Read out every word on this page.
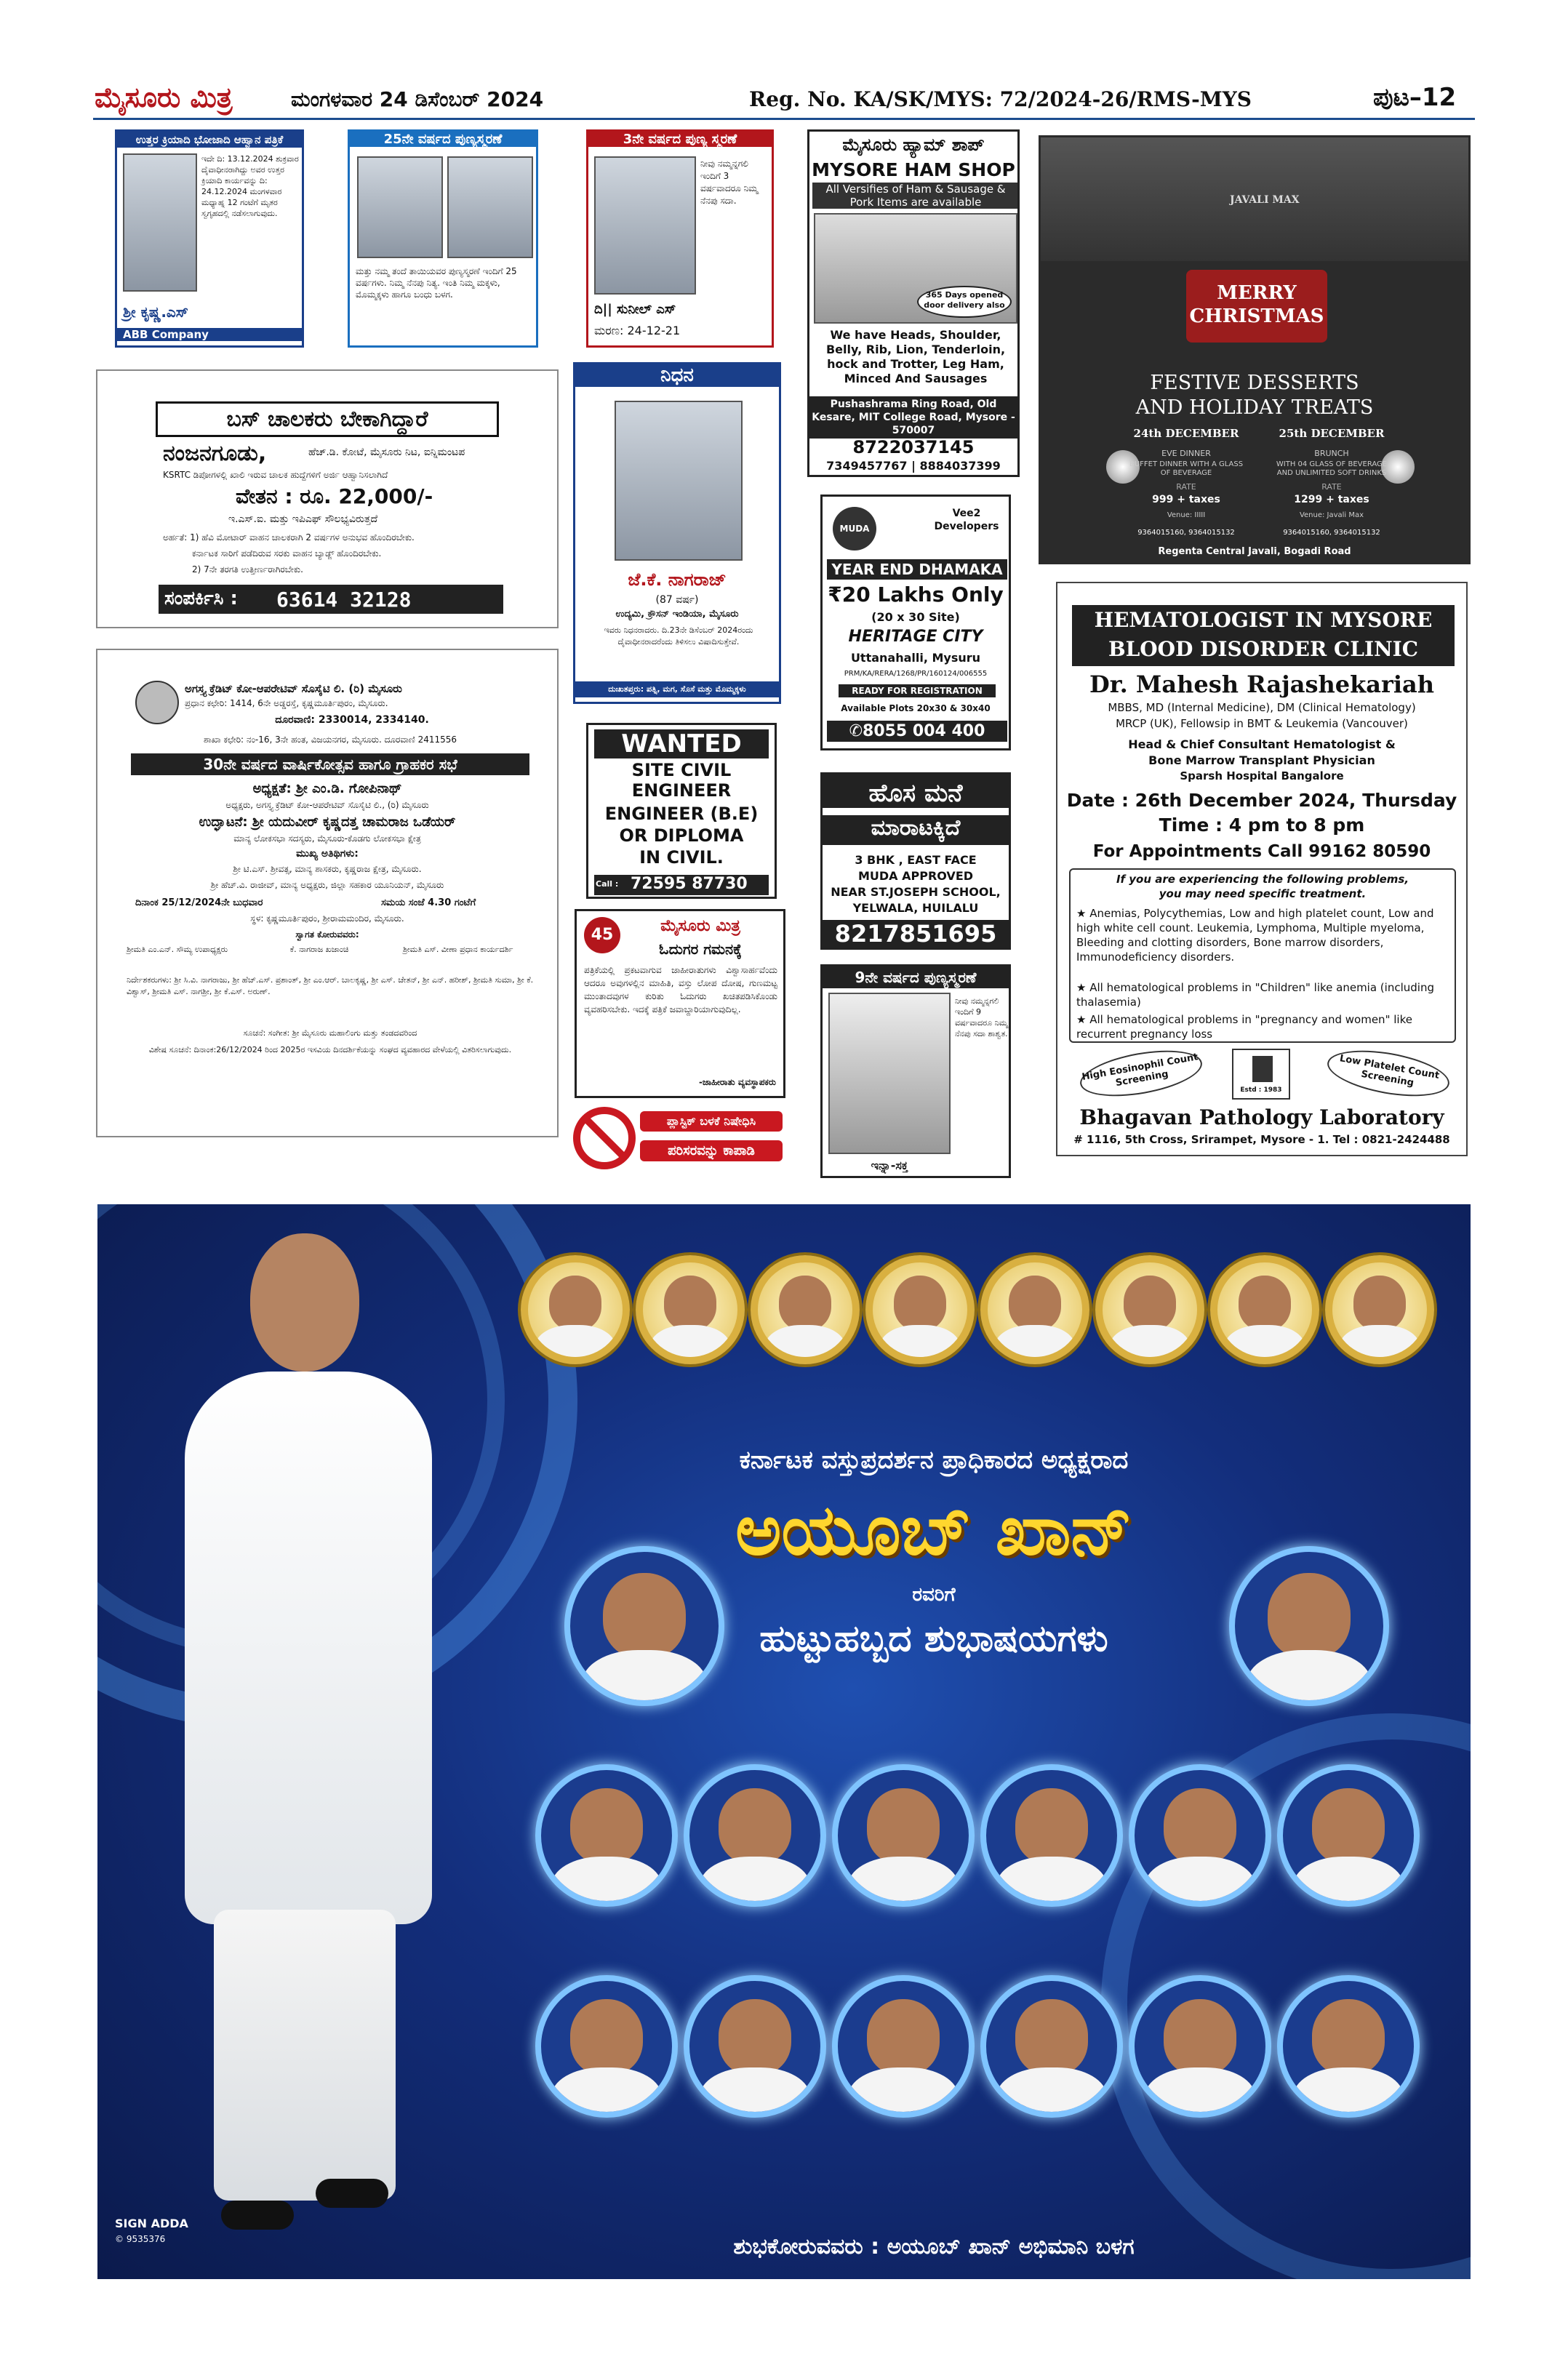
ಮೈಸೂರು ಮಿತ್ರ	ಮಂಗಳವಾರ 24 ಡಿಸೆಂಬರ್ 2024	Reg. No. KA/SK/MYS: 72/2024-26/RMS-MYS	ಪುಟ–12
ಉತ್ತರ ಕ್ರಿಯಾದಿ ಭೋಜಾದಿ ಆಹ್ವಾನ ಪತ್ರಿಕೆ
ಇದೇ ದಿ: 13.12.2024 ಶುಕ್ರವಾರ ದೈವಾಧೀನರಾಗಿದ್ದು ಅವರ ಉತ್ತರ ಕ್ರಿಯಾದಿ ಕಾರ್ಯವನ್ನು ದಿ: 24.12.2024 ಮಂಗಳವಾರ ಮಧ್ಯಾಹ್ನ 12 ಗಂಟೆಗೆ ಮೃತರ ಸ್ವಗೃಹದಲ್ಲಿ ನಡೆಸಲಾಗುವುದು.
ಶ್ರೀ ಕೃಷ್ಣ.ಎಸ್
ABB Company
25ನೇ ವರ್ಷದ ಪುಣ್ಯಸ್ಮರಣೆ
ಮತ್ತು ನಮ್ಮ ತಂದೆ ತಾಯಿಯವರ ಪುಣ್ಯಸ್ಮರಣೆ ಇಂದಿಗೆ 25 ವರ್ಷಗಳು. ನಿಮ್ಮ ನೆನಪು ನಿತ್ಯ. ಇಂತಿ ನಿಮ್ಮ ಮಕ್ಕಳು, ಮೊಮ್ಮಕ್ಕಳು ಹಾಗೂ ಬಂಧು ಬಳಗ.
3ನೇ ವರ್ಷದ ಪುಣ್ಯ ಸ್ಮರಣೆ
ನೀವು ನಮ್ಮನ್ನಗಲಿ ಇಂದಿಗೆ 3 ವರ್ಷವಾದರೂ ನಿಮ್ಮ ನೆನಪು ಸದಾ.
ದಿ|| ಸುನೀಲ್ ಎಸ್
ಮರಣ: 24-12-21
ಮೈಸೂರು ಹ್ಯಾಮ್ ಶಾಪ್
MYSORE HAM SHOP
All Versifies of Ham & Sausage & Pork Items are available
365 Days opened door delivery also
We have Heads, Shoulder, Belly, Rib, Lion, Tenderloin, hock and Trotter, Leg Ham, Minced And Sausages
Pushashrama Ring Road, Old Kesare, MIT College Road, Mysore - 570007
8722037145
7349457767 | 8884037399
JAVALI MAX
MERRY CHRISTMAS
FESTIVE DESSERTS
AND HOLIDAY TREATS
24th DECEMBER	25th DECEMBER
EVE DINNER	BRUNCH
BUFFET DINNER WITH A GLASS OF BEVERAGE
WITH 04 GLASS OF BEVERAGE AND UNLIMITED SOFT DRINKS
RATE	RATE
999 + taxes	1299 + taxes
Venue: IIIII	Venue: Javali Max
9364015160, 9364015132	9364015160, 9364015132
Regenta Central Javali, Bogadi Road
ಬಸ್ ಚಾಲಕರು ಬೇಕಾಗಿದ್ದಾರೆ
ನಂಜನಗೂಡು,	ಹೆಚ್.ಡಿ. ಕೋಟೆ, ಮೈಸೂರು ನಿಟ, ಐನ್ನಿಮಂಟಪ
KSRTC ಡಿಪೋಗಳಲ್ಲಿ ಖಾಲಿ ಇರುವ ಚಾಲಕ ಹುದ್ದೆಗಳಿಗೆ ಅರ್ಜಿ ಆಹ್ವಾನಿಸಲಾಗಿದೆ
ವೇತನ : ರೂ. 22,000/-
ಇ.ಎಸ್.ಐ. ಮತ್ತು ಇಪಿಎಫ್ ಸೌಲಭ್ಯವಿರುತ್ತದೆ
ಅರ್ಹತೆ: 1) ಹೆವಿ ಮೋಟಾರ್ ವಾಹನ ಚಾಲಕರಾಗಿ 2 ವರ್ಷಗಳ ಅನುಭವ ಹೊಂದಿರಬೇಕು.
ಕರ್ನಾಟಕ ಸಾರಿಗೆ ಪಡೆದಿರುವ ಸರಕು ವಾಹನ ಬ್ಯಾಡ್ಜ್ ಹೊಂದಿರಬೇಕು.
2) 7ನೇ ತರಗತಿ ಉತ್ತೀರ್ಣರಾಗಿರಬೇಕು.
ಸಂಪರ್ಕಿಸಿ :	63614 32128
ನಿಧನ
ಜೆ.ಕೆ. ನಾಗರಾಜ್
(87 ವರ್ಷ)
ಉದ್ಯಮಿ, ಕ್ರೌಸನ್ ಇಂಡಿಯಾ, ಮೈಸೂರು
ಇವರು ನಿಧನರಾದರು. ದಿ.23ನೇ ಡಿಸೆಂಬರ್ 2024ರಂದು ದೈವಾಧೀನರಾದರೆಂದು ತಿಳಿಸಲು ವಿಷಾದಿಸುತ್ತೇವೆ.
ದುಃಖತಪ್ತರು: ಪತ್ನಿ, ಮಗ, ಸೊಸೆ ಮತ್ತು ಮೊಮ್ಮಕ್ಕಳು
MUDA
Vee2 Developers
YEAR END DHAMAKA
₹20 Lakhs Only
(20 x 30 Site)
HERITAGE CITY
Uttanahalli, Mysuru
PRM/KA/RERA/1268/PR/160124/006555
READY FOR REGISTRATION
Available Plots 20x30 & 30x40
✆8055 004 400
HEMATOLOGIST IN MYSORE
BLOOD DISORDER CLINIC
Dr. Mahesh Rajashekariah
MBBS, MD (Internal Medicine), DM (Clinical Hematology)
MRCP (UK), Fellowsip in BMT & Leukemia (Vancouver)
Head & Chief Consultant Hematologist &
Bone Marrow Transplant Physician
Sparsh Hospital Bangalore
Date : 26th December 2024, Thursday
Time : 4 pm to 8 pm
For Appointments Call 99162 80590
If you are experiencing the following problems,
you may need specific treatment.
★ Anemias, Polycythemias, Low and high platelet count, Low and high white cell count. Leukemia, Lymphoma, Multiple myeloma, Bleeding and clotting disorders, Bone marrow disorders, Immunodeficiency disorders.
★ All hematological problems in "Children" like anemia (including thalasemia)
★ All hematological problems in "pregnancy and women" like recurrent pregnancy loss
High Eosinophil Count Screening
Estd : 1983
Low Platelet Count Screening
Bhagavan Pathology Laboratory
# 1116, 5th Cross, Srirampet, Mysore - 1. Tel : 0821-2424488
ಅಗಸ್ತ್ಯ ಕ್ರೆಡಿಟ್ ಕೋ-ಆಪರೇಟಿವ್ ಸೊಸೈಟಿ ಲಿ. (ರಿ) ಮೈಸೂರು
ಪ್ರಧಾನ ಕಛೇರಿ: 1414, 6ನೇ ಅಡ್ಡರಸ್ತೆ, ಕೃಷ್ಣಮೂರ್ತಿಪುರಂ, ಮೈಸೂರು.
ದೂರವಾಣಿ: 2330014, 2334140.
ಶಾಖಾ ಕಛೇರಿ: ನಂ-16, 3ನೇ ಹಂತ, ವಿಜಯನಗರ, ಮೈಸೂರು. ದೂರವಾಣಿ 2411556
30ನೇ ವರ್ಷದ ವಾರ್ಷಿಕೋತ್ಸವ ಹಾಗೂ ಗ್ರಾಹಕರ ಸಭೆ
ಅಧ್ಯಕ್ಷತೆ: ಶ್ರೀ ಎಂ.ಡಿ. ಗೋಪಿನಾಥ್
ಅಧ್ಯಕ್ಷರು, ಅಗಸ್ತ್ಯ ಕ್ರೆಡಿಟ್ ಕೋ-ಆಪರೇಟಿವ್ ಸೊಸೈಟಿ ಲಿ., (ರಿ) ಮೈಸೂರು
ಉದ್ಘಾಟನೆ: ಶ್ರೀ ಯದುವೀರ್ ಕೃಷ್ಣದತ್ತ ಚಾಮರಾಜ ಒಡೆಯರ್
ಮಾನ್ಯ ಲೋಕಸಭಾ ಸದಸ್ಯರು, ಮೈಸೂರು-ಕೊಡಗು ಲೋಕಸಭಾ ಕ್ಷೇತ್ರ
ಮುಖ್ಯ ಅತಿಥಿಗಳು:
ಶ್ರೀ ಟಿ.ಎಸ್. ಶ್ರೀವತ್ಸ, ಮಾನ್ಯ ಶಾಸಕರು, ಕೃಷ್ಣರಾಜ ಕ್ಷೇತ್ರ, ಮೈಸೂರು.
ಶ್ರೀ ಹೆಚ್.ವಿ. ರಾಜೀವ್, ಮಾನ್ಯ ಅಧ್ಯಕ್ಷರು, ಜಿಲ್ಲಾ ಸಹಕಾರ ಯೂನಿಯನ್, ಮೈಸೂರು
ದಿನಾಂಕ 25/12/2024ನೇ ಬುಧವಾರ	ಸಮಯ ಸಂಜೆ 4.30 ಗಂಟೆಗೆ
ಸ್ಥಳ: ಕೃಷ್ಣಮೂರ್ತಿಪುರಂ, ಶ್ರೀರಾಮಮಂದಿರ, ಮೈಸೂರು.
ಸ್ವಾಗತ ಕೋರುವವರು:
ಶ್ರೀಮತಿ ಎಂ.ಎನ್. ಸೌಮ್ಯ ಉಪಾಧ್ಯಕ್ಷರು	ಕೆ. ನಾಗರಾಜ ಖಜಾಂಚಿ	ಶ್ರೀಮತಿ ಎಸ್. ವೀಣಾ ಪ್ರಧಾನ ಕಾರ್ಯದರ್ಶಿ
ನಿರ್ದೇಶಕರುಗಳು: ಶ್ರೀ ಸಿ.ವಿ. ನಾಗರಾಜು, ಶ್ರೀ ಹೆಚ್.ಎಸ್. ಪ್ರಶಾಂತ್, ಶ್ರೀ ಎಂ.ಆರ್. ಬಾಲಕೃಷ್ಣ, ಶ್ರೀ ಎಸ್. ಚೇತನ್, ಶ್ರೀ ಎನ್. ಹರೀಶ್, ಶ್ರೀಮತಿ ಸುಮಾ, ಶ್ರೀ ಕೆ. ವಿಶ್ವಾಸ್, ಶ್ರೀಮತಿ ಎಸ್. ನಾಗಶ್ರೀ, ಶ್ರೀ ಕೆ.ಎಸ್. ಅರುಣ್.
ಸೂಚನೆ: ಸಂಗೀತ: ಶ್ರೀ ಮೈಸೂರು ಮಹಾಲಿಂಗು ಮತ್ತು ತಂಡದವರಿಂದ
ವಿಶೇಷ ಸೂಚನೆ: ದಿನಾಂಕ:26/12/2024 ರಿಂದ 2025ರ ಇಸವಿಯ ದಿನದರ್ಶಿಕೆಯನ್ನು ಸಂಘದ ವ್ಯವಹಾರದ ವೇಳೆಯಲ್ಲಿ ವಿತರಿಸಲಾಗುವುದು.
WANTED
SITE CIVIL
ENGINEER
ENGINEER (B.E)
OR DIPLOMA
IN CIVIL.
Call : 72595 87730
ಹೊಸ ಮನೆ
ಮಾರಾಟಕ್ಕಿದೆ
3 BHK , EAST FACE
MUDA APPROVED
NEAR ST.JOSEPH SCHOOL,
YELWALA, HUILALU
8217851695
45	ಮೈಸೂರು ಮಿತ್ರ
ಓದುಗರ ಗಮನಕ್ಕೆ
ಪತ್ರಿಕೆಯಲ್ಲಿ ಪ್ರಕಟವಾಗುವ ಜಾಹೀರಾತುಗಳು ವಿಶ್ವಾಸಾರ್ಹವೆಂದು ಆದರೂ ಅವುಗಳಲ್ಲಿನ ಮಾಹಿತಿ, ವಸ್ತು ಲೋಪ ದೋಷ, ಗುಣಮಟ್ಟ ಮುಂತಾದವುಗಳ ಕುರಿತು ಓದುಗರು ಖಚಿತಪಡಿಸಿಕೊಂಡು ವ್ಯವಹರಿಸಬೇಕು. ಇದಕ್ಕೆ ಪತ್ರಿಕೆ ಜವಾಬ್ದಾರಿಯಾಗುವುದಿಲ್ಲ.
-ಜಾಹೀರಾತು ವ್ಯವಸ್ಥಾಪಕರು
9ನೇ ವರ್ಷದ ಪುಣ್ಯಸ್ಮರಣೆ
ನೀವು ನಮ್ಮನ್ನಗಲಿ ಇಂದಿಗೆ 9 ವರ್ಷವಾದರೂ ನಿಮ್ಮ ನೆನಪು ಸದಾ ಶಾಶ್ವತ.
ಇನ್ನಾ-ಸಕ್ತ
ಪ್ಲಾಸ್ಟಿಕ್ ಬಳಕೆ ನಿಷೇಧಿಸಿ
ಪರಿಸರವನ್ನು ಕಾಪಾಡಿ
ಕರ್ನಾಟಕ ವಸ್ತುಪ್ರದರ್ಶನ ಪ್ರಾಧಿಕಾರದ ಅಧ್ಯಕ್ಷರಾದ
ಅಯೂಬ್ ಖಾನ್
ರವರಿಗೆ
ಹುಟ್ಟುಹಬ್ಬದ ಶುಭಾಷಯಗಳು
ಶುಭಕೋರುವವರು : ಅಯೂಬ್ ಖಾನ್ ಅಭಿಮಾನಿ ಬಳಗ
SIGN ADDA
© 9535376
